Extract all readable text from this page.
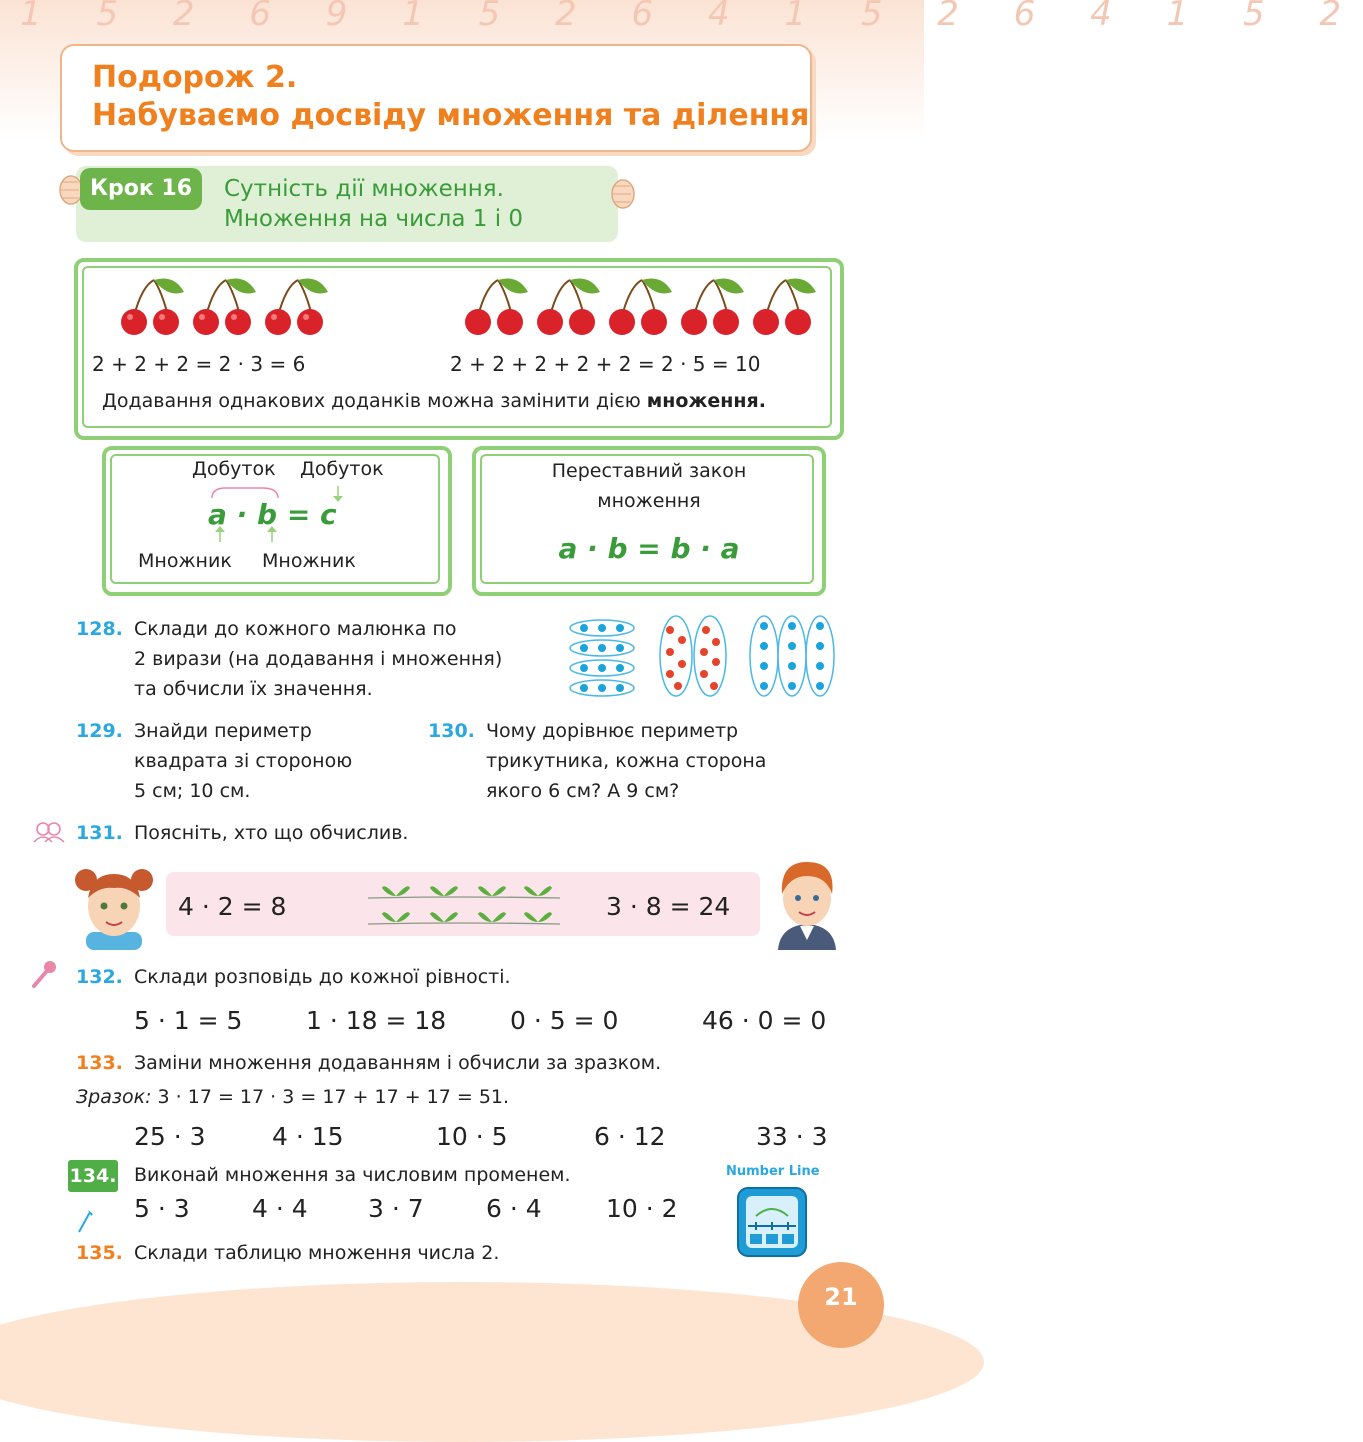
1 5 2 6 9 1 5 2 6 4 1 5 2 6 4 1 5 2
Подорож 2.
Набуваємо досвіду множення та ділення
Крок 16	Сутність дії множення.
Множення на числа 1 і 0
2 + 2 + 2 = 2 · 3 = 6	2 + 2 + 2 + 2 + 2 = 2 · 5 = 10
Додавання однакових доданків можна замінити дією множення.
Добуток Добуток
a · b = c
Множник Множник
Переставний закон
множення
a · b = b · a
128. Склади до кожного малюнка по
2 вирази (на додавання і множення)
та обчисли їх значення.
129. Знайди периметр
квадрата зі стороною
5 см; 10 см.
130. Чому дорівнює периметр
трикутника, кожна сторона
якого 6 см? А 9 см?
131. Поясніть, хто що обчислив.
4 · 2 = 8	3 · 8 = 24
132. Склади розповідь до кожної рівності.
5 · 1 = 5	1 · 18 = 18	0 · 5 = 0	46 · 0 = 0
133. Заміни множення додаванням і обчисли за зразком.
Зразок: 3 · 17 = 17 · 3 = 17 + 17 + 17 = 51.
25 · 3	4 · 15	10 · 5	6 · 12	33 · 3
134. Виконай множення за числовим променем.
5 · 3 4 · 4 3 · 7 6 · 4	10 · 2
Number Line
135. Склади таблицю множення числа 2.
21
